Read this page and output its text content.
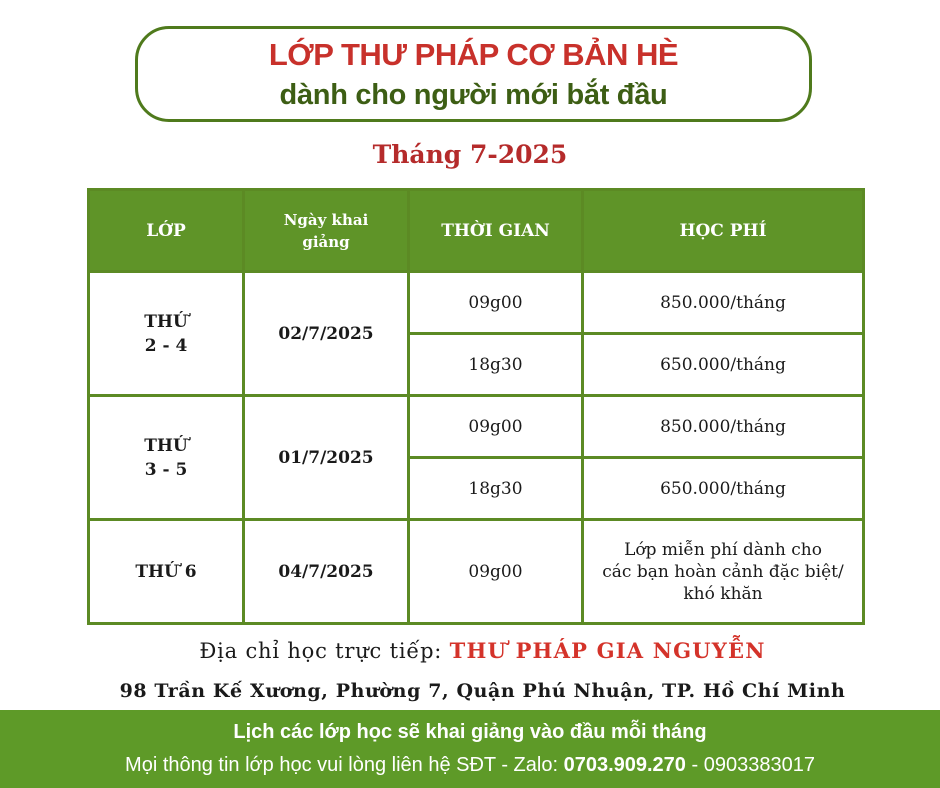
LỚP THƯ PHÁP CƠ BẢN HÈ
dành cho người mới bắt đầu
Tháng 7-2025
LỚP	Ngày khai giảng	THỜI GIAN	HỌC PHÍ

THỨ
2 - 4	02/7/2025	09g00	850.000/tháng
		18g30	650.000/tháng

THỨ
3 - 5	01/7/2025	09g00	850.000/tháng
		18g30	650.000/tháng
THỨ 6	04/7/2025	09g00	Lớp miễn phí dành cho
các bạn hoàn cảnh đặc biệt/
khó khăn
Địa chỉ học trực tiếp: THƯ PHÁP GIA NGUYỄN
98 Trần Kế Xương, Phường 7, Quận Phú Nhuận, TP. Hồ Chí Minh
Lịch các lớp học sẽ khai giảng vào đầu mỗi tháng
Mọi thông tin lớp học vui lòng liên hệ SĐT - Zalo: 0703.909.270 - 0903383017
